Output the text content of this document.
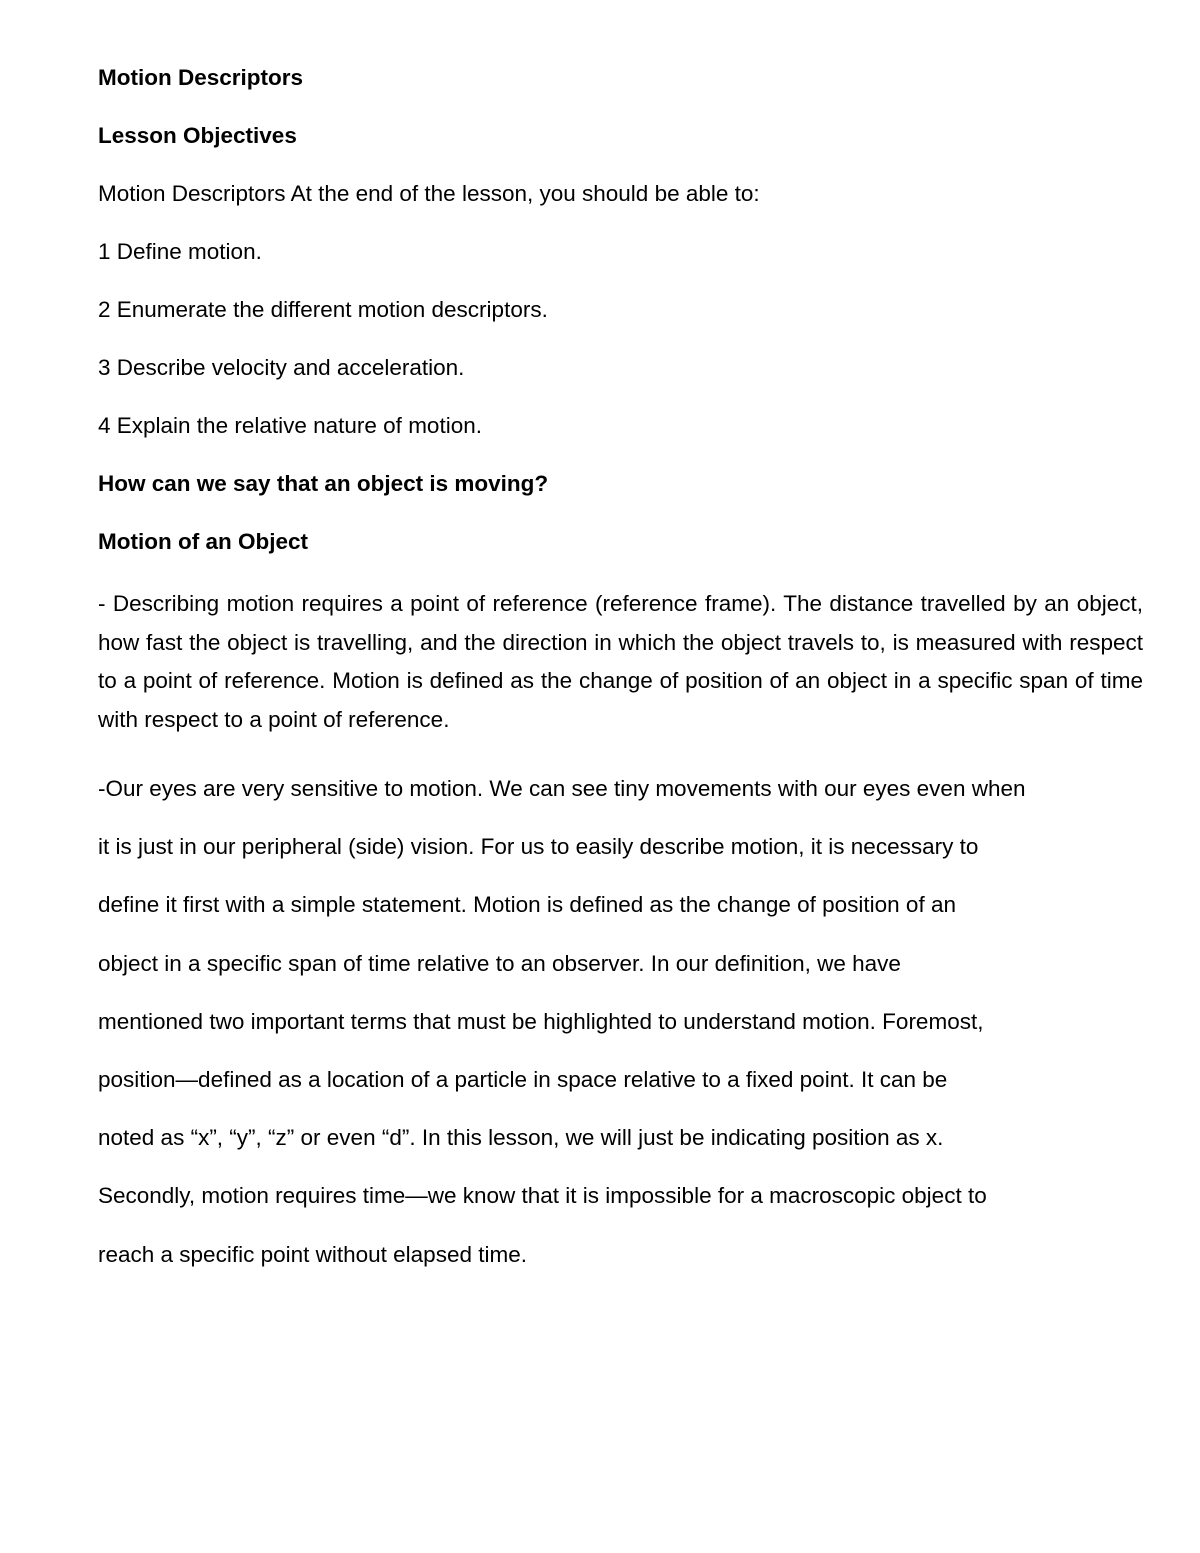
Motion Descriptors
Lesson Objectives
Motion Descriptors At the end of the lesson, you should be able to:
1 Define motion.
2 Enumerate the different motion descriptors.
3 Describe velocity and acceleration.
4 Explain the relative nature of motion.
How can we say that an object is moving?
Motion of an Object
- Describing motion requires a point of reference (reference frame). The distance travelled by an object, how fast the object is travelling, and the direction in which the object travels to, is measured with respect to a point of reference. Motion is defined as the change of position of an object in a specific span of time with respect to a point of reference.
-Our eyes are very sensitive to motion. We can see tiny movements with our eyes even when
it is just in our peripheral (side) vision. For us to easily describe motion, it is necessary to
define it first with a simple statement. Motion is defined as the change of position of an
object in a specific span of time relative to an observer. In our definition, we have
mentioned two important terms that must be highlighted to understand motion. Foremost,
position—defined as a location of a particle in space relative to a fixed point. It can be
noted as “x”, “y”, “z” or even “d”. In this lesson, we will just be indicating position as x.
Secondly, motion requires time—we know that it is impossible for a macroscopic object to
reach a specific point without elapsed time.
